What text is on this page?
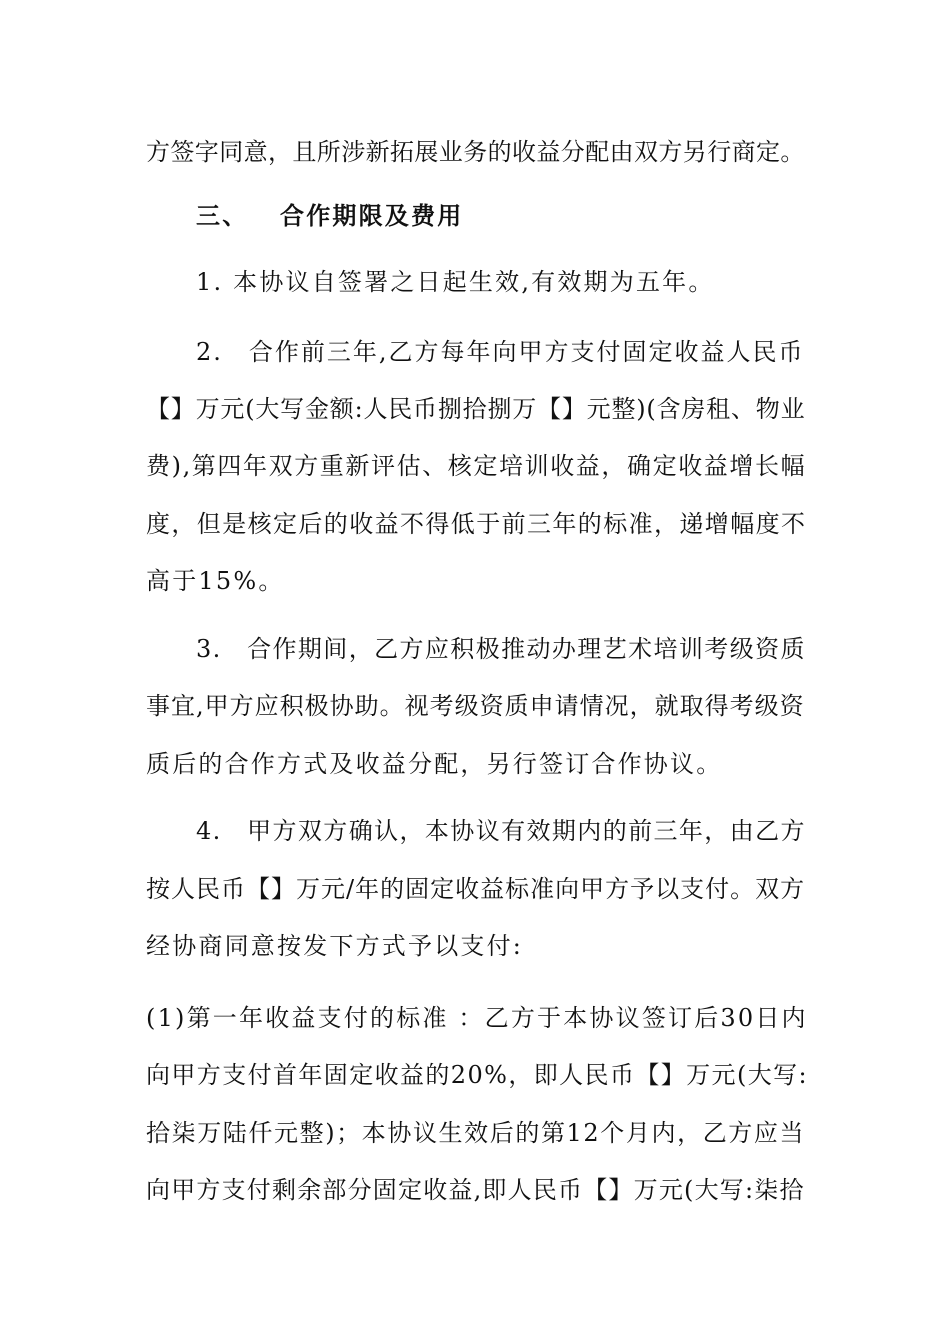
方签字同意，且所涉新拓展业务的收益分配由双方另行商定。
三、 合作期限及费用
1. 本协议自签署之日起生效,有效期为五年。
2.　合作前三年,乙方每年向甲方支付固定收益人民币
【】万元(大写金额:人民币捌拾捌万【】元整)(含房租、物业
费),第四年双方重新评估、核定培训收益，确定收益增长幅
度，但是核定后的收益不得低于前三年的标准，递增幅度不
高于15%。
3.　合作期间，乙方应积极推动办理艺术培训考级资质
事宜,甲方应积极协助。视考级资质申请情况，就取得考级资
质后的合作方式及收益分配，另行签订合作协议。
4.　甲方双方确认，本协议有效期内的前三年，由乙方
按人民币【】万元/年的固定收益标准向甲方予以支付。双方
经协商同意按发下方式予以支付:
(1)第一年收益支付的标准 ：乙方于本协议签订后30日内
向甲方支付首年固定收益的20%，即人民币【】万元(大写:
拾柒万陆仟元整)；本协议生效后的第12个月内，乙方应当
向甲方支付剩余部分固定收益,即人民币【】万元(大写:柒拾
